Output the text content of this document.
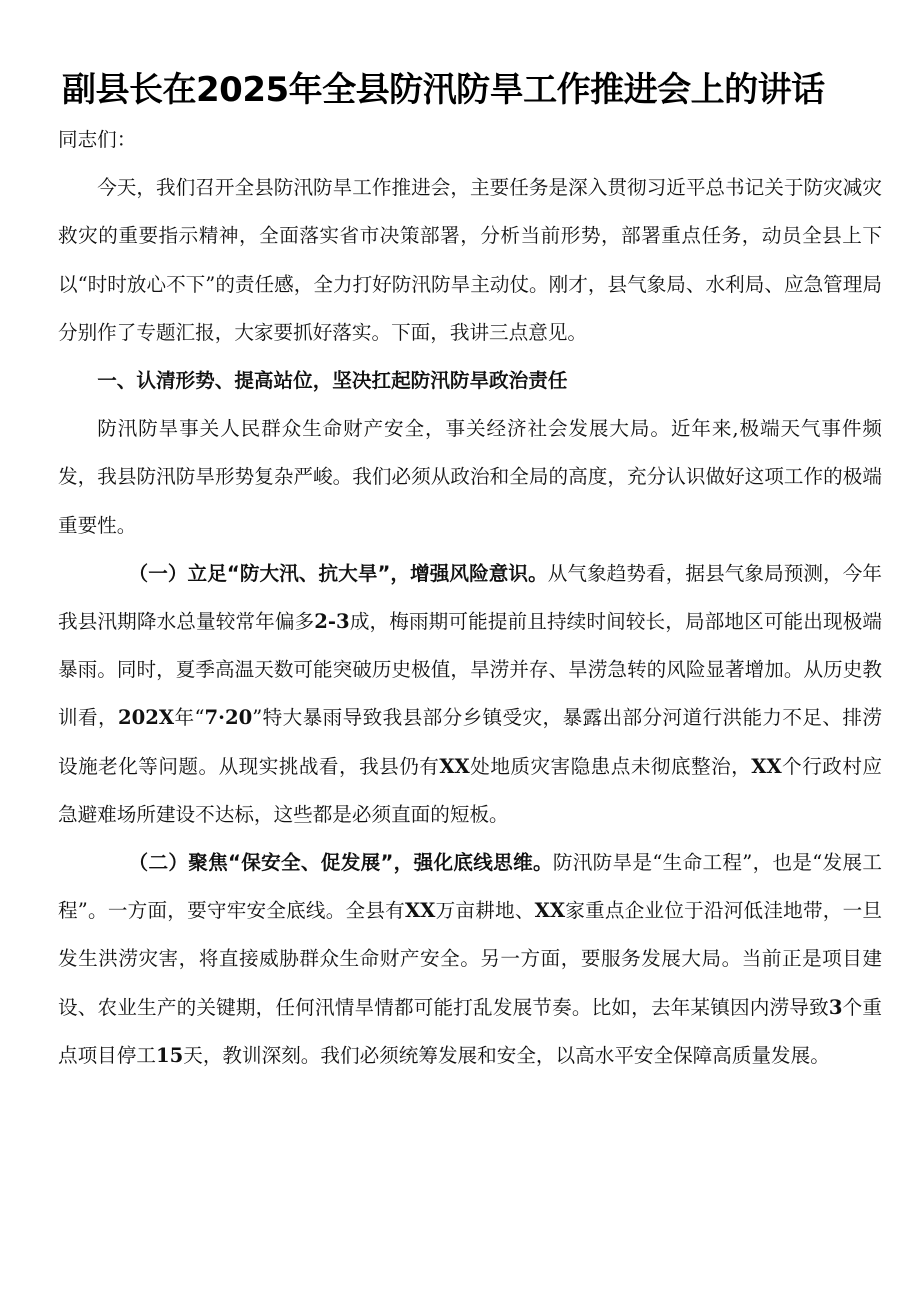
副县长在2025年全县防汛防旱工作推进会上的讲话

同志们：

今天，我们召开全县防汛防旱工作推进会，主要任务是深入贯彻习近平总书记关于防灾减灾救灾的重要指示精神，全面落实省市决策部署，分析当前形势，部署重点任务，动员全县上下以“时时放心不下”的责任感，全力打好防汛防旱主动仗。刚才，县气象局、水利局、应急管理局分别作了专题汇报，大家要抓好落实。下面，我讲三点意见。

一、认清形势、提高站位，坚决扛起防汛防旱政治责任

防汛防旱事关人民群众生命财产安全，事关经济社会发展大局。近年来,极端天气事件频发，我县防汛防旱形势复杂严峻。我们必须从政治和全局的高度，充分认识做好这项工作的极端重要性。

（一）立足“防大汛、抗大旱”，增强风险意识。从气象趋势看，据县气象局预测，今年我县汛期降水总量较常年偏多2-3成，梅雨期可能提前且持续时间较长，局部地区可能出现极端暴雨。同时，夏季高温天数可能突破历史极值，旱涝并存、旱涝急转的风险显著增加。从历史教训看，202X年“7·20”特大暴雨导致我县部分乡镇受灾，暴露出部分河道行洪能力不足、排涝设施老化等问题。从现实挑战看，我县仍有XX处地质灾害隐患点未彻底整治，XX个行政村应急避难场所建设不达标，这些都是必须直面的短板。

（二）聚焦“保安全、促发展”，强化底线思维。防汛防旱是“生命工程”，也是“发展工程”。一方面，要守牢安全底线。全县有XX万亩耕地、XX家重点企业位于沿河低洼地带，一旦发生洪涝灾害，将直接威胁群众生命财产安全。另一方面，要服务发展大局。当前正是项目建设、农业生产的关键期，任何汛情旱情都可能打乱发展节奏。比如，去年某镇因内涝导致3个重点项目停工15天，教训深刻。我们必须统筹发展和安全，以高水平安全保障高质量发展。
